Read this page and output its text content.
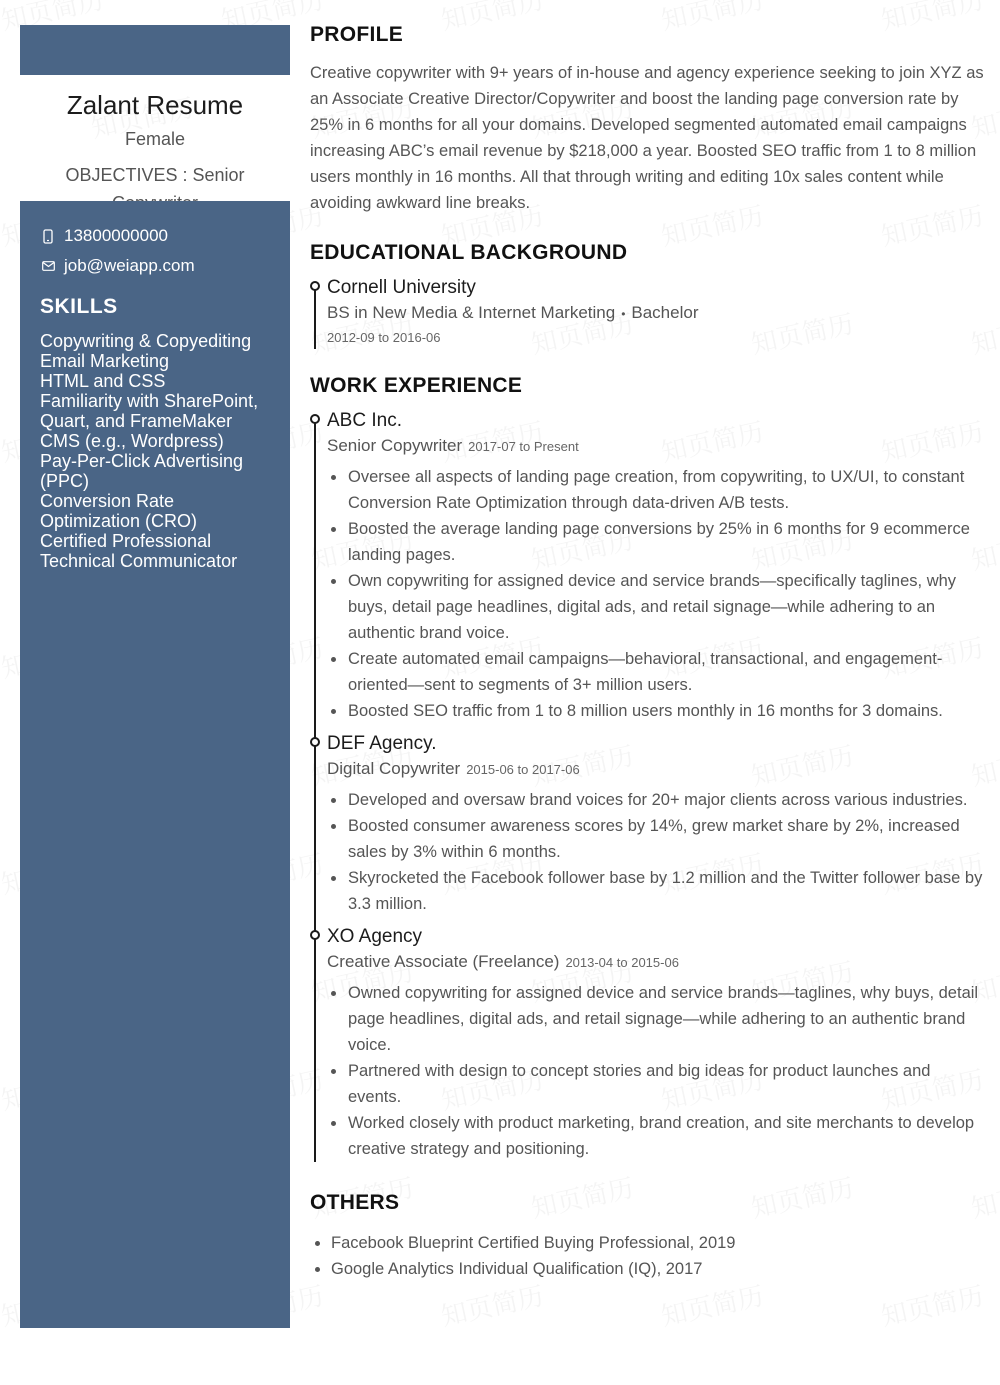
Zalant Resume
Female
OBJECTIVES : Senior
13800000000
job@weiapp.com
SKILLS
Copywriting & Copyediting
Email Marketing
HTML and CSS
Familiarity with SharePoint,
Quart, and FrameMaker
CMS (e.g., Wordpress)
Pay-Per-Click Advertising
(PPC)
Conversion Rate
Optimization (CRO)
Certified Professional
Technical Communicator
PROFILE
Creative copywriter with 9+ years of in-house and agency experience seeking to join XYZ as an Associate Creative Director/Copywriter and boost the landing page conversion rate by 25% in 6 months for all your domains. Developed segmented automated email campaigns increasing ABC’s email revenue by $218,000 a year. Boosted SEO traffic from 1 to 8 million users monthly in 16 months. All that through writing and editing 10x sales content while avoiding awkward line breaks.
EDUCATIONAL BACKGROUND
Cornell University
BS in New Media & Internet Marketing • Bachelor
2012-09 to 2016-06
WORK EXPERIENCE
ABC Inc.
Senior Copywriter 2017-07 to Present
Oversee all aspects of landing page creation, from copywriting, to UX/UI, to constant Conversion Rate Optimization through data-driven A/B tests.
Boosted the average landing page conversions by 25% in 6 months for 9 ecommerce landing pages.
Own copywriting for assigned device and service brands—specifically taglines, why buys, detail page headlines, digital ads, and retail signage—while adhering to an authentic brand voice.
Create automated email campaigns—behavioral, transactional, and engagement-oriented—sent to segments of 3+ million users.
Boosted SEO traffic from 1 to 8 million users monthly in 16 months for 3 domains.
DEF Agency.
Digital Copywriter 2015-06 to 2017-06
Developed and oversaw brand voices for 20+ major clients across various industries.
Boosted consumer awareness scores by 14%, grew market share by 2%, increased sales by 3% within 6 months.
Skyrocketed the Facebook follower base by 1.2 million and the Twitter follower base by 3.3 million.
XO Agency
Creative Associate (Freelance) 2013-04 to 2015-06
Owned copywriting for assigned device and service brands—taglines, why buys, detail page headlines, digital ads, and retail signage—while adhering to an authentic brand voice.
Partnered with design to concept stories and big ideas for product launches and events.
Worked closely with product marketing, brand creation, and site merchants to develop creative strategy and positioning.
OTHERS
Facebook Blueprint Certified Buying Professional, 2019
Google Analytics Individual Qualification (IQ), 2017
